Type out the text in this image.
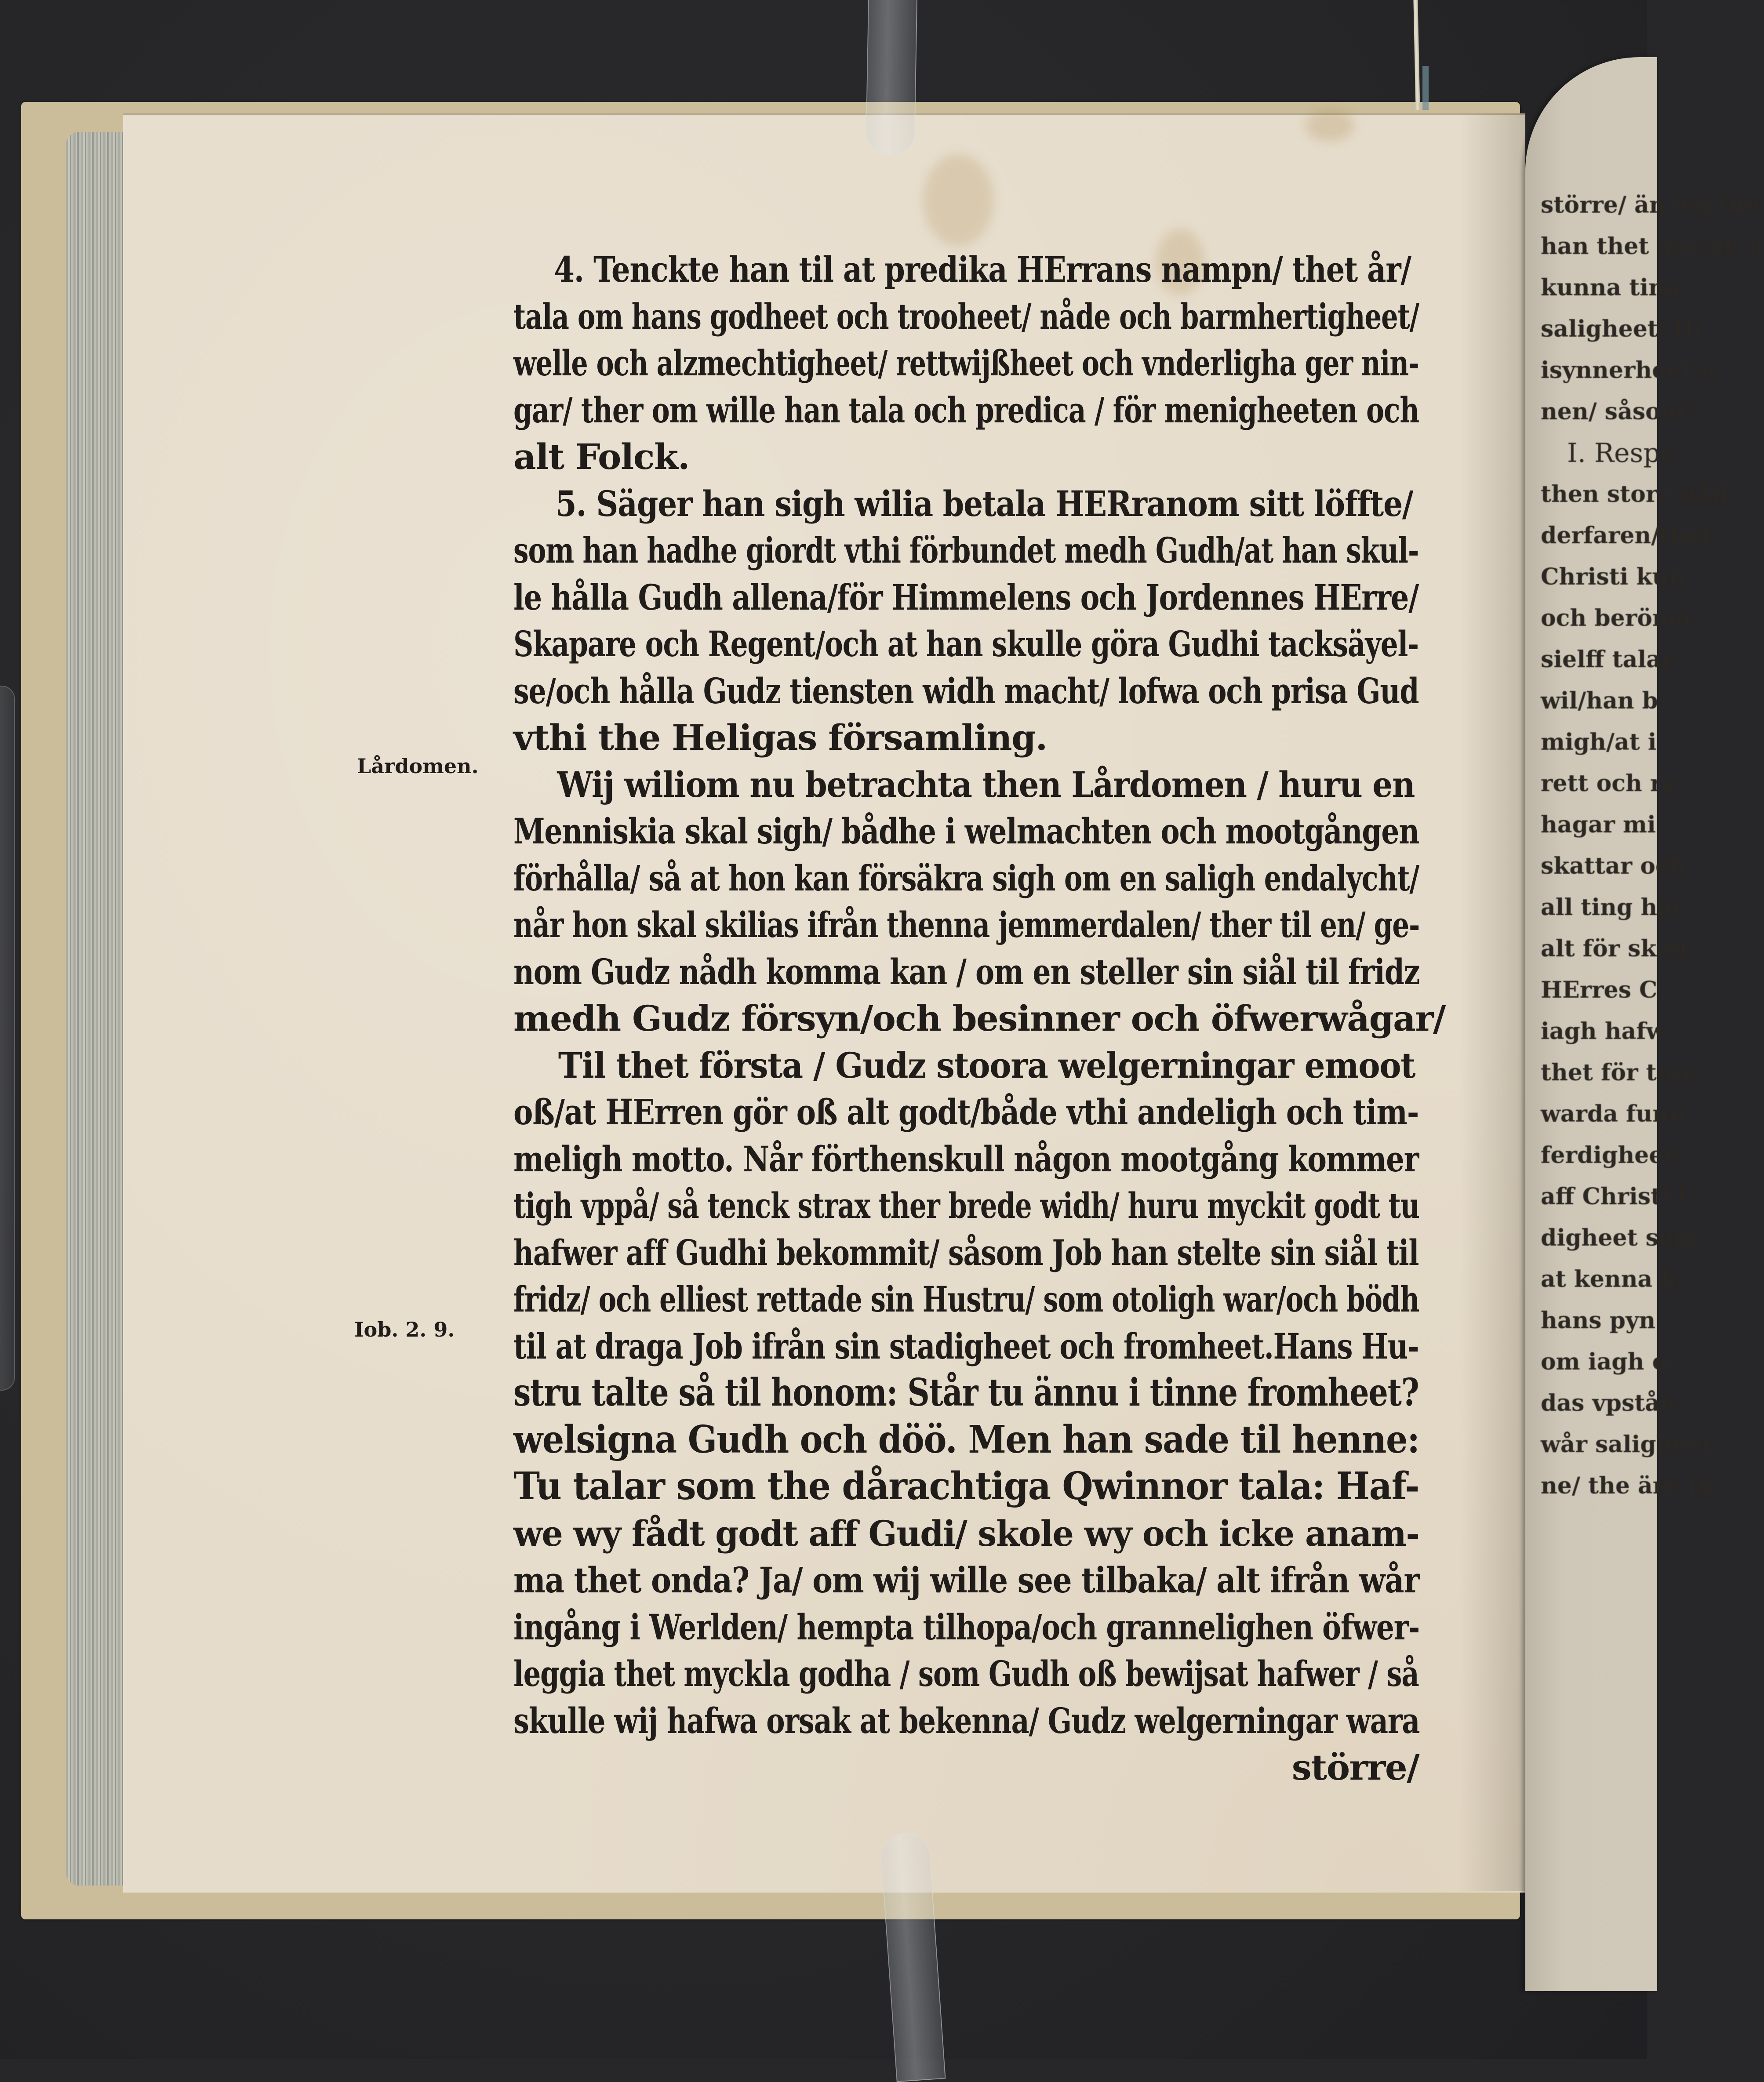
större/ än wij the
han thet giorde n
kunna tina
saligheet/ th
isynnerheet n
nen/ såsom/
I. Respe
then stora nåd
derfaren/thet
Christi kun
och beröma
sielff talar
wil/han b
migh/at i
rett och re
hagar mi
skattar och
all ting hår
alt för skad
HErres C
iagh hafw
thet för trec
warda funn
ferdigheet/
aff Christi t
digheet som
at kenna h
hans pyn
om iagh o
das vpstån
wår saligheet
ne/ the äre th
4. Tenckte han til at predika HErrans nampn/ thet år/
tala om hans godheet och trooheet/ nåde och barmhertigheet/
welle och alzmechtigheet/ rettwijßheet och vnderligha ger nin-
gar/ ther om wille han tala och predica / för menigheeten och
alt Folck.
5. Säger han sigh wilia betala HERranom sitt löffte/
som han hadhe giordt vthi förbundet medh Gudh/at han skul-
le hålla Gudh allena/för Himmelens och Jordennes HErre/
Skapare och Regent/och at han skulle göra Gudhi tacksäyel-
se/och hålla Gudz tiensten widh macht/ lofwa och prisa Gud
vthi the Heligas församling.
Wij wiliom nu betrachta then Lårdomen / huru en
Menniskia skal sigh/ bådhe i welmachten och mootgången
förhålla/ så at hon kan försäkra sigh om en saligh endalycht/
når hon skal skilias ifrån thenna jemmerdalen/ ther til en/ ge-
nom Gudz nådh komma kan / om en steller sin siål til fridz
medh Gudz försyn/och besinner och öfwerwågar/
Til thet första / Gudz stoora welgerningar emoot
oß/at HErren gör oß alt godt/både vthi andeligh och tim-
meligh motto. Når förthenskull någon mootgång kommer
tigh vppå/ så tenck strax ther brede widh/ huru myckit godt tu
hafwer aff Gudhi bekommit/ såsom Job han stelte sin siål til
fridz/ och elliest rettade sin Hustru/ som otoligh war/och bödh
til at draga Job ifrån sin stadigheet och fromheet.Hans Hu-
stru talte så til honom: Står tu ännu i tinne fromheet?
welsigna Gudh och döö. Men han sade til henne:
Tu talar som the dårachtiga Qwinnor tala: Haf-
we wy fådt godt aff Gudi/ skole wy och icke anam-
ma thet onda? Ja/ om wij wille see tilbaka/ alt ifrån wår
ingång i Werlden/ hempta tilhopa/och grannelighen öfwer-
leggia thet myckla godha / som Gudh oß bewijsat hafwer / så
skulle wij hafwa orsak at bekenna/ Gudz welgerningar wara
större/
Lårdomen.
Iob. 2. 9.
